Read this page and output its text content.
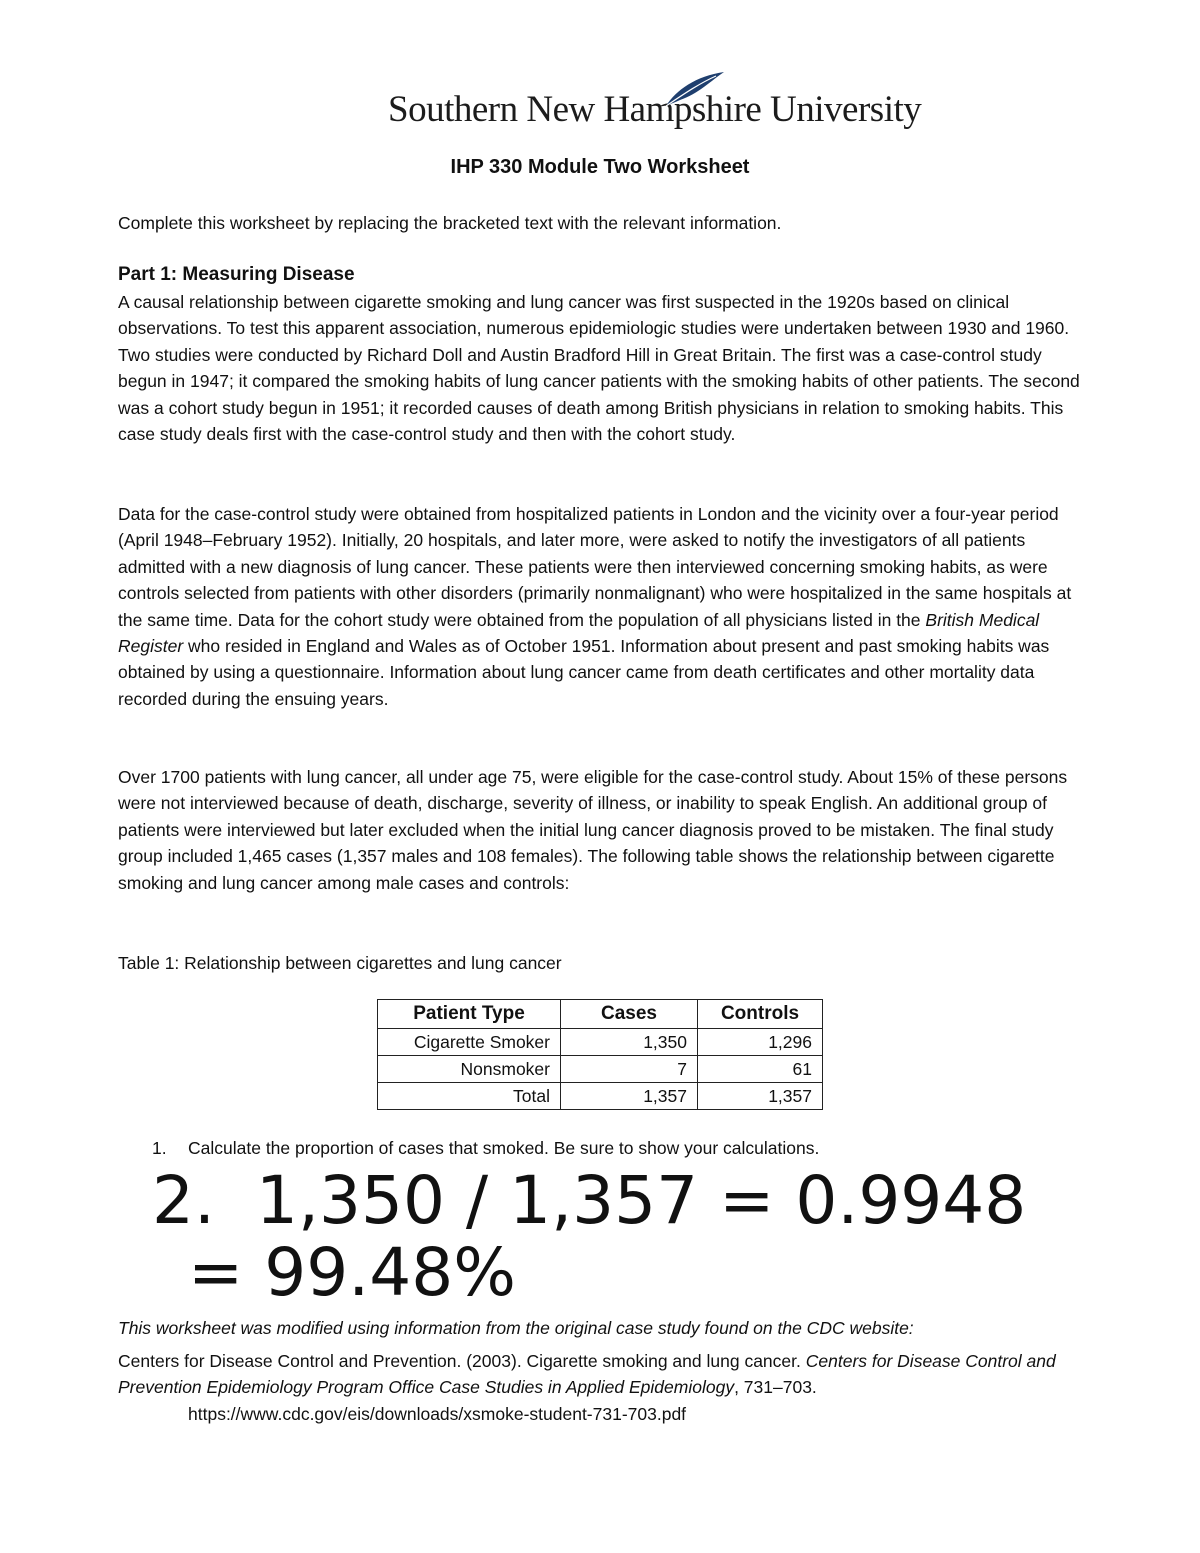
Southern New Hampshire University
IHP 330 Module Two Worksheet
Complete this worksheet by replacing the bracketed text with the relevant information.
Part 1: Measuring Disease
A causal relationship between cigarette smoking and lung cancer was first suspected in the 1920s based on clinical observations. To test this apparent association, numerous epidemiologic studies were undertaken between 1930 and 1960. Two studies were conducted by Richard Doll and Austin Bradford Hill in Great Britain. The first was a case-control study begun in 1947; it compared the smoking habits of lung cancer patients with the smoking habits of other patients. The second was a cohort study begun in 1951; it recorded causes of death among British physicians in relation to smoking habits. This case study deals first with the case-control study and then with the cohort study.
Data for the case-control study were obtained from hospitalized patients in London and the vicinity over a four-year period (April 1948–February 1952). Initially, 20 hospitals, and later more, were asked to notify the investigators of all patients admitted with a new diagnosis of lung cancer. These patients were then interviewed concerning smoking habits, as were controls selected from patients with other disorders (primarily nonmalignant) who were hospitalized in the same hospitals at the same time. Data for the cohort study were obtained from the population of all physicians listed in the British Medical Register who resided in England and Wales as of October 1951. Information about present and past smoking habits was obtained by using a questionnaire. Information about lung cancer came from death certificates and other mortality data recorded during the ensuing years.
Over 1700 patients with lung cancer, all under age 75, were eligible for the case-control study. About 15% of these persons were not interviewed because of death, discharge, severity of illness, or inability to speak English. An additional group of patients were interviewed but later excluded when the initial lung cancer diagnosis proved to be mistaken. The final study group included 1,465 cases (1,357 males and 108 females). The following table shows the relationship between cigarette smoking and lung cancer among male cases and controls:
Table 1: Relationship between cigarettes and lung cancer
Patient Type	Cases	Controls
Cigarette Smoker	1,350	1,296
Nonsmoker	7	61
Total	1,357	1,357
1. Calculate the proportion of cases that smoked. Be sure to show your calculations.
2. 1,350 / 1,357 = 0.9948
= 99.48%
This worksheet was modified using information from the original case study found on the CDC website:
Centers for Disease Control and Prevention. (2003). Cigarette smoking and lung cancer. Centers for Disease Control and Prevention Epidemiology Program Office Case Studies in Applied Epidemiology, 731–703.
https://www.cdc.gov/eis/downloads/xsmoke-student-731-703.pdf
